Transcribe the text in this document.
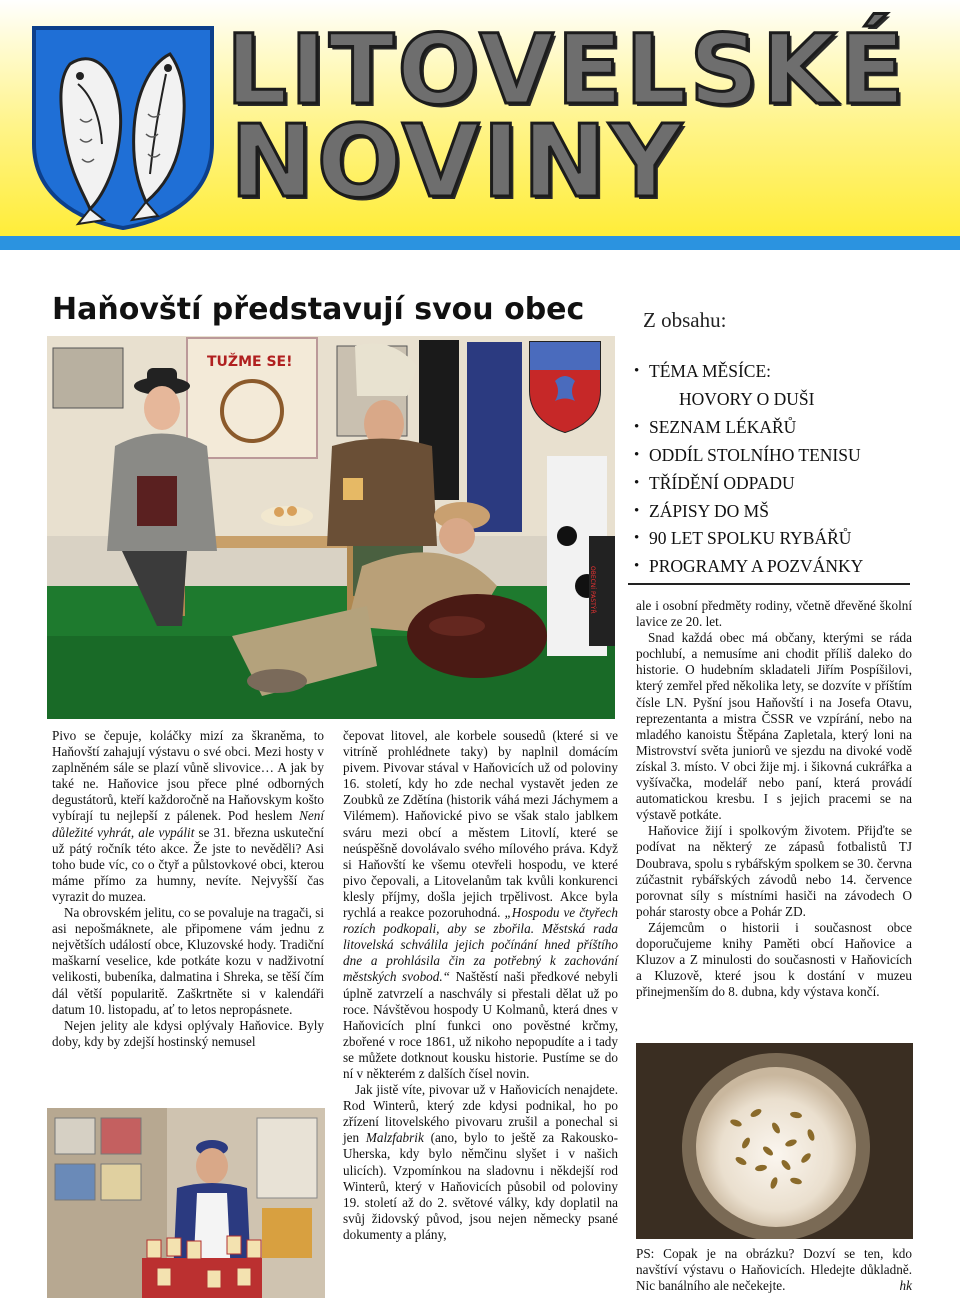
LITOVELSKÉ
NOVINY
Haňovští představují svou obec	Z obsahu:
• TÉMA MĚSÍCE:
HOVORY O DUŠI
• SEZNAM LÉKAŘŮ
• ODDÍL STOLNÍHO TENISU
• TŘÍDĚNÍ ODPADU
• ZÁPISY DO MŠ
• 90 LET SPOLKU RYBÁŘŮ
• PROGRAMY A POZVÁNKY
TUŽME SE!
OBECNÍ PASTÝŘ

Pivo se čepuje, koláčky mizí za škraněma, to Haňovští zahajují výstavu o své obci. Mezi hosty v zaplněném sále se plazí vůně slivovice… A jak by také ne. Haňovice jsou přece plné odborných degustátorů, kteří každoročně na Haňovskym košto vybírají tu nejlepší z pálenek. Pod heslem Není důležité vyhrát, ale vypálit se 31. března uskuteční už pátý ročník této akce. Že jste to nevěděli? Asi toho bude víc, co o čtyř a půlstovkové obci, kterou máme přímo za humny, nevíte. Nejvyšší čas vyrazit do muzea.

Na obrovském jelitu, co se povaluje na tragači, si asi nepošmáknete, ale připomene vám jednu z největších událostí obce, Kluzovské hody. Tradiční maškarní veselice, kde potkáte kozu v nadživotní velikosti, bubeníka, dalmatina i Shreka, se těší čím dál větší popularitě. Zaškrtněte si v kalendáři datum 10. listopadu, ať to letos nepropásnete.

Nejen jelity ale kdysi oplývaly Haňovice. Byly doby, kdy by zdejší hostinský nemusel

čepovat litovel, ale korbele sousedů (které si ve vitríně prohlédnete taky) by naplnil domácím pivem. Pivovar stával v Haňovicích už od poloviny 16. století, kdy ho zde nechal vystavět jeden ze Zoubků ze Zdětína (historik váhá mezi Jáchymem a Vilémem). Haňovické pivo se však stalo jablkem sváru mezi obcí a městem Litovlí, které se neúspěšně dovolávalo svého mílového práva. Když si Haňovští ke všemu otevřeli hospodu, ve které pivo čepovali, a Litovelanům tak kvůli konkurenci klesly příjmy, došla jejich trpělivost. Akce byla rychlá a reakce pozoruhodná. „Hospodu ve čtyřech rozích podkopali, aby se zbořila. Městská rada litovelská schválila jejich počínání hned příštího dne a prohlásila čin za potřebný k zachování městských svobod.“ Naštěstí naši předkové nebyli úplně zatvrzelí a naschvály si přestali dělat už po roce. Návštěvou hospody U Kolmanů, která dnes v Haňovicích plní funkci ono pověstné krčmy, zbořené v roce 1861, už nikoho nepopudíte a i tady se můžete dotknout kousku historie. Pustíme se do ní v některém z dalších čísel novin.

Jak jistě víte, pivovar už v Haňovicích nenajdete. Rod Winterů, který zde kdysi podnikal, ho po zřízení litovelského pivovaru zrušil a ponechal si jen Malzfabrik (ano, bylo to ještě za Rakousko-Uherska, kdy bylo němčinu slyšet i v našich ulicích). Vzpomínkou na sladovnu i někdejší rod Winterů, který v Haňovicích působil od poloviny 19. století až do 2. světové války, kdy doplatil na svůj židovský původ, jsou nejen německy psané dokumenty a plány,

ale i osobní předměty rodiny, včetně dřevěné školní lavice ze 20. let.

Snad každá obec má občany, kterými se ráda pochlubí, a nemusíme ani chodit příliš daleko do historie. O hudebním skladateli Jiřím Pospíšilovi, který zemřel před několika lety, se dozvíte v příštím čísle LN. Pyšní jsou Haňovští i na Josefa Otavu, reprezentanta a mistra ČSSR ve vzpírání, nebo na mladého kanoistu Štěpána Zapletala, který loni na Mistrovství světa juniorů ve sjezdu na divoké vodě získal 3. místo. V obci žije mj. i šikovná cukrářka a vyšívačka, modelář nebo paní, která provádí automatickou kresbu. I s jejich pracemi se na výstavě potkáte.

Haňovice žijí i spolkovým životem. Přijďte se podívat na některý ze zápasů fotbalistů TJ Doubrava, spolu s rybářským spolkem se 30. června zúčastnit rybářských závodů nebo 14. července porovnat síly s místními hasiči na závodech O pohár starosty obce a Pohár ZD.

Zájemcům o historii i současnost obce doporučujeme knihy Paměti obcí Haňovice a Kluzov a Z minulosti do současnosti v Haňovicích a Kluzově, které jsou k dostání v muzeu přinejmenším do 8. dubna, kdy výstava končí.

PS: Copak je na obrázku? Dozví se ten, kdo navštíví výstavu o Haňovicích. Hledejte důkladně. Nic banálního ale nečekejte.	hk
